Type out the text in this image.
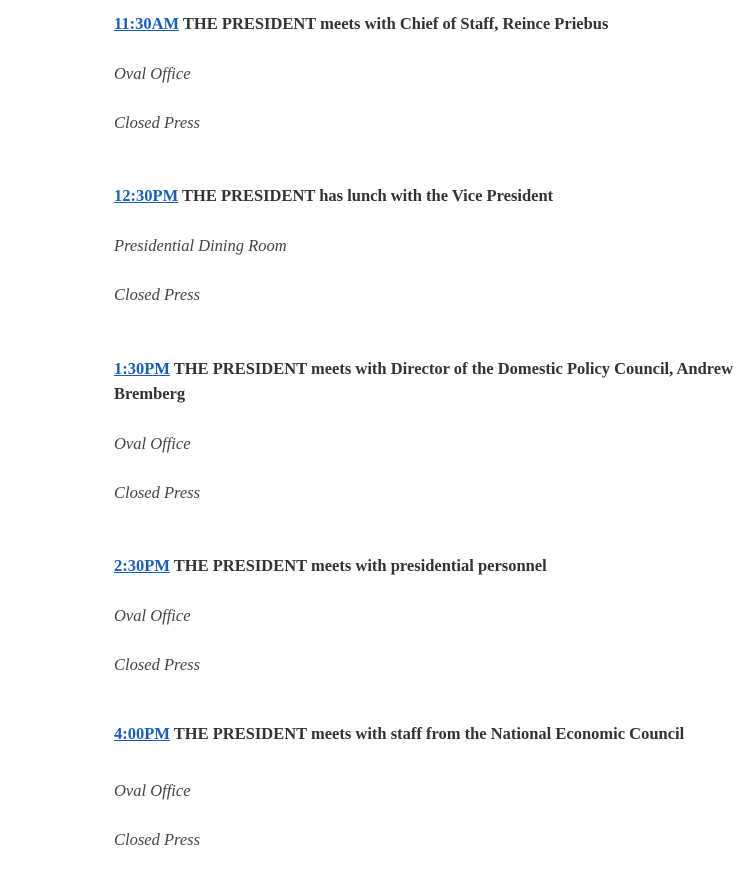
11:30AM THE PRESIDENT meets with Chief of Staff, Reince Priebus

Oval Office

Closed Press

12:30PM THE PRESIDENT has lunch with the Vice President

Presidential Dining Room

Closed Press

1:30PM THE PRESIDENT meets with Director of the Domestic Policy Council, Andrew Bremberg

Oval Office

Closed Press

2:30PM THE PRESIDENT meets with presidential personnel

Oval Office

Closed Press

4:00PM THE PRESIDENT meets with staff from the National Economic Council

Oval Office

Closed Press
